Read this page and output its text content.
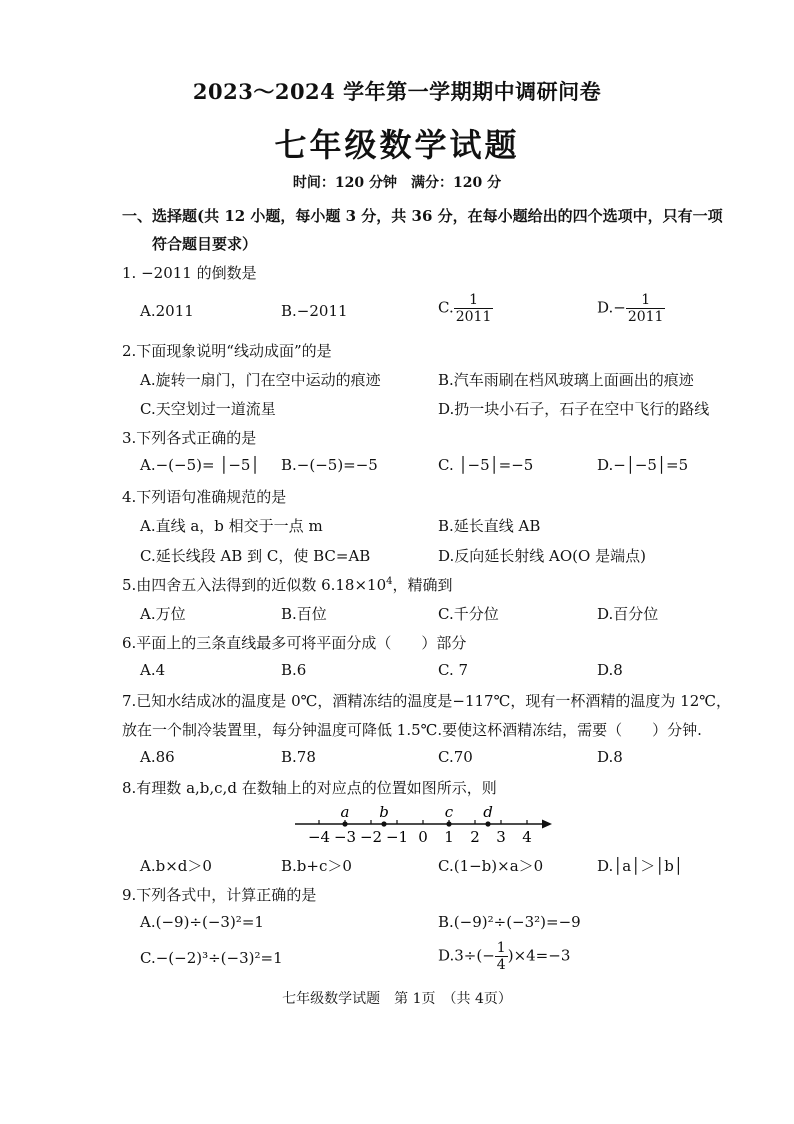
2023～2024 学年第一学期期中调研问卷
七年级数学试题
时间：120 分钟　满分：120 分
一、选择题(共 12 小题，每小题 3 分，共 36 分，在每小题给出的四个选项中，只有一项
符合题目要求）
1. −2011 的倒数是
A.2011	B.−2011	C. $\frac{1}{2011}$	$D.- \frac{1}{2011}$
2.下面现象说明“线动成面”的是
A.旋转一扇门，门在空中运动的痕迹	B.汽车雨刷在档风玻璃上面画出的痕迹
C.天空划过一道流星	D.扔一块小石子，石子在空中飞行的路线
3.下列各式正确的是
A.−(−5)= │−5│ B.−(−5)=−5	C. │−5│=−5	D.−│−5│=5
4.下列语句准确规范的是
A.直线 a，b 相交于一点 m	B.延长直线 AB
C.延长线段 AB 到 C，使 BC=AB	D.反向延长射线 AO(O 是端点)
5.由四舍五入法得到的近似数 $6.18\times 10^4$，精确到
A.万位	B.百位	C.千分位	D.百分位
6.平面上的三条直线最多可将平面分成（　　）部分
A.4	B.6	C. 7	D.8
7.已知水结成冰的温度是 0℃，酒精冻结的温度是−117℃，现有一杯酒精的温度为 12℃，
放在一个制冷装置里，每分钟温度可降低 1.5℃.要使这杯酒精冻结，需要（　　）分钟.
A.86	B.78	C.70	D.8
8.有理数 a,b,c,d 在数轴上的对应点的位置如图所示，则
−4 −3 −2 −1 0 1 2 3 4
a b	c d
A.b×d＞0	B.b+c＞0	C.(1−b)×a＞0	D.│a│＞│b│
9.下列各式中，计算正确的是
A.(−9)÷(−3)²=1	B.(−9)²÷(−3²)=−9
C.−(−2)³÷(−3)²=1	$D.3\div(- \frac{1}{4} )\times 4=-3$
七年级数学试题　第 1页　（共 4页）
